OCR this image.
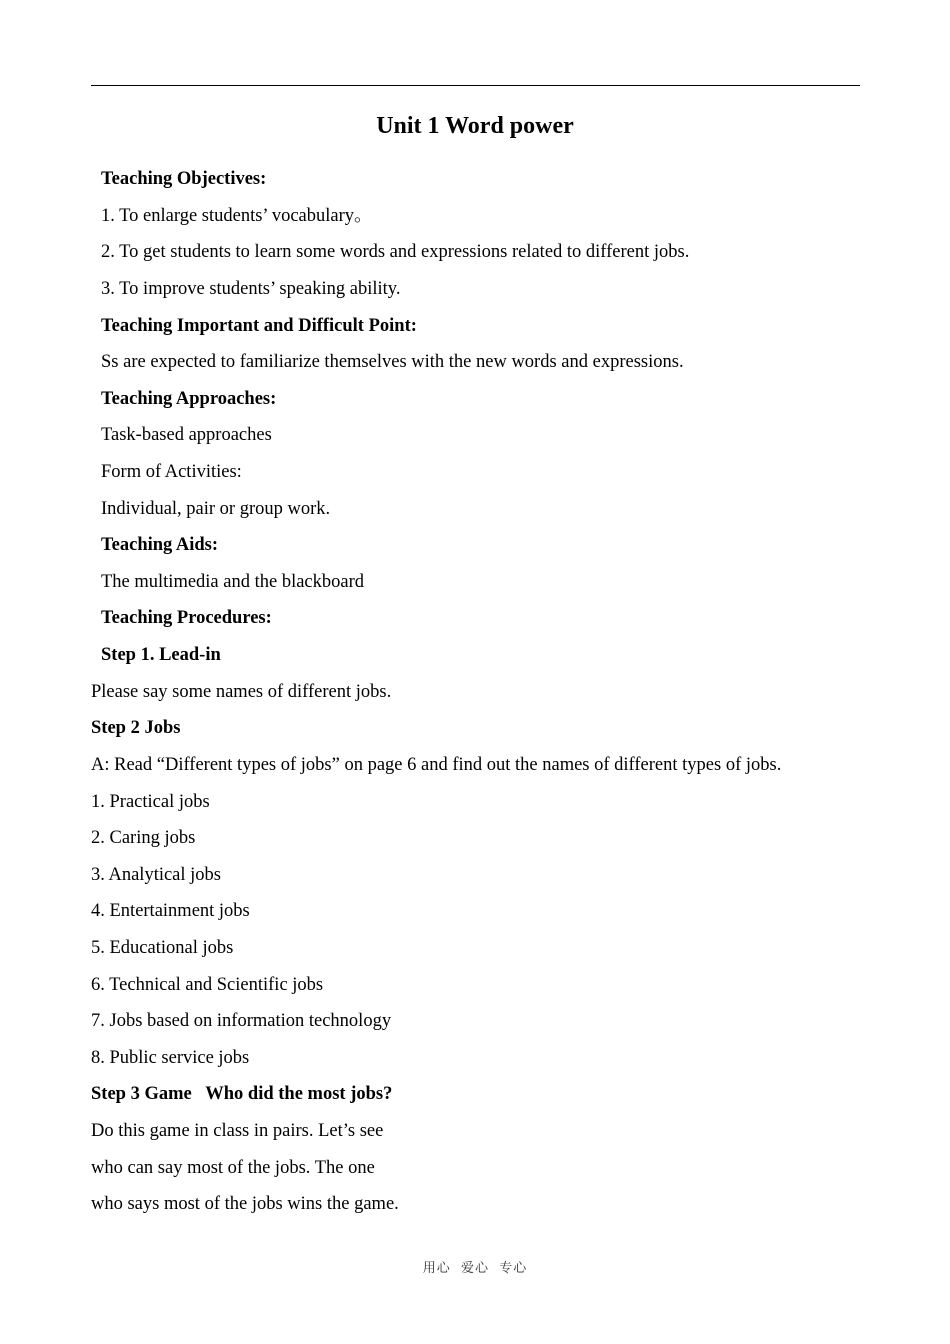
Unit 1 Word power

Teaching Objectives:

1. To enlarge students’ vocabulary。

2. To get students to learn some words and expressions related to different jobs.

3. To improve students’ speaking ability.

Teaching Important and Difficult Point:

Ss are expected to familiarize themselves with the new words and expressions.

Teaching Approaches:

Task-based approaches

Form of Activities:

Individual, pair or group work.

Teaching Aids:

The multimedia and the blackboard

Teaching Procedures:

Step 1. Lead-in

Please say some names of different jobs.

Step 2 Jobs

A: Read “Different types of jobs” on page 6 and find out the names of different types of jobs.

1. Practical jobs

2. Caring jobs

3. Analytical jobs

4. Entertainment jobs

5. Educational jobs

6. Technical and Scientific jobs

7. Jobs based on information technology

8. Public service jobs

Step 3 Game   Who did the most jobs?

Do this game in class in pairs. Let’s see

who can say most of the jobs. The one

who says most of the jobs wins the game.

用心  爱心  专心
